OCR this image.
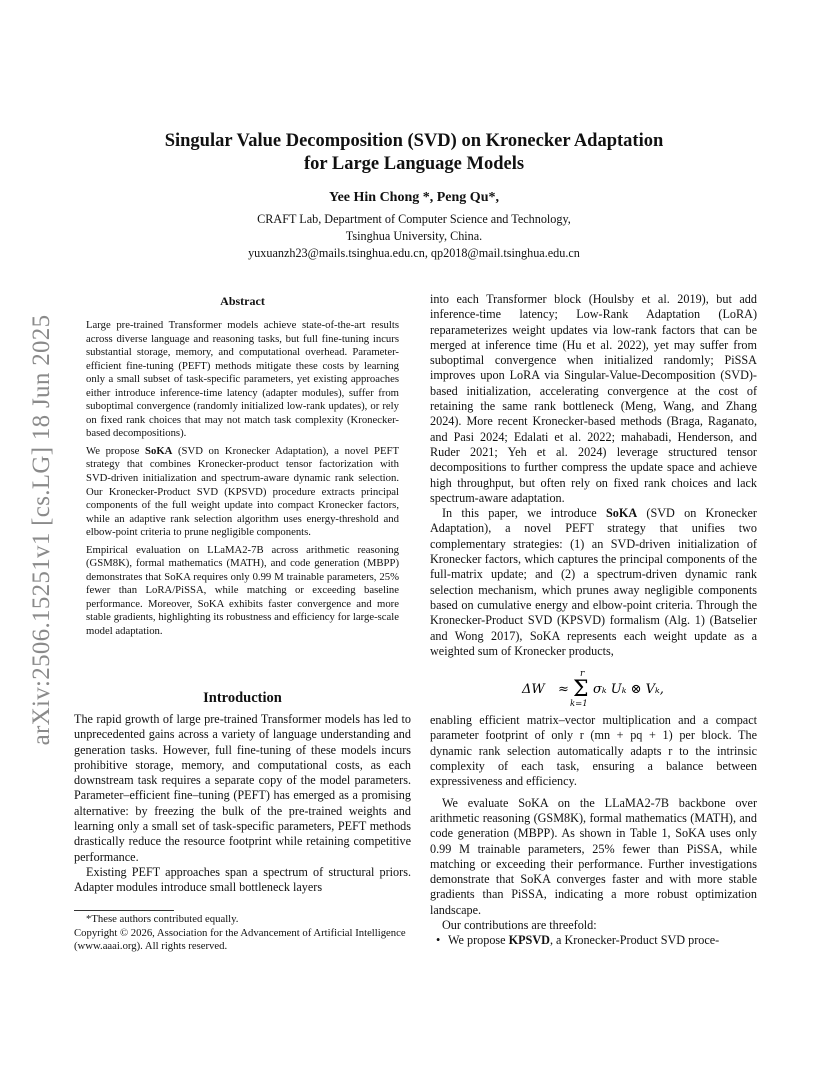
arXiv:2506.15251v1 [cs.LG] 18 Jun 2025
Singular Value Decomposition (SVD) on Kronecker Adaptation
for Large Language Models
Yee Hin Chong *, Peng Qu*,
CRAFT Lab, Department of Computer Science and Technology,
Tsinghua University, China.
yuxuanzh23@mails.tsinghua.edu.cn, qp2018@mail.tsinghua.edu.cn
Abstract

Large pre-trained Transformer models achieve state-of-the-art results across diverse language and reasoning tasks, but full fine-tuning incurs substantial storage, memory, and computational overhead. Parameter-efficient fine-tuning (PEFT) methods mitigate these costs by learning only a small subset of task-specific parameters, yet existing approaches either introduce inference-time latency (adapter modules), suffer from suboptimal convergence (randomly initialized low-rank updates), or rely on fixed rank choices that may not match task complexity (Kronecker-based decompositions).

We propose SoKA (SVD on Kronecker Adaptation), a novel PEFT strategy that combines Kronecker-product tensor factorization with SVD-driven initialization and spectrum-aware dynamic rank selection. Our Kronecker-Product SVD (KPSVD) procedure extracts principal components of the full weight update into compact Kronecker factors, while an adaptive rank selection algorithm uses energy-threshold and elbow-point criteria to prune negligible components.

Empirical evaluation on LLaMA2-7B across arithmetic reasoning (GSM8K), formal mathematics (MATH), and code generation (MBPP) demonstrates that SoKA requires only 0.99 M trainable parameters, 25% fewer than LoRA/PiSSA, while matching or exceeding baseline performance. Moreover, SoKA exhibits faster convergence and more stable gradients, highlighting its robustness and efficiency for large-scale model adaptation.

Introduction

The rapid growth of large pre-trained Transformer models has led to unprecedented gains across a variety of language understanding and generation tasks. However, full fine-tuning of these models incurs prohibitive storage, memory, and computational costs, as each downstream task requires a separate copy of the model parameters. Parameter–efficient fine–tuning (PEFT) has emerged as a promising alternative: by freezing the bulk of the pre-trained weights and learning only a small set of task-specific parameters, PEFT methods drastically reduce the resource footprint while retaining competitive performance.

Existing PEFT approaches span a spectrum of structural priors. Adapter modules introduce small bottleneck layers

*These authors contributed equally.

Copyright © 2026, Association for the Advancement of Artificial Intelligence (www.aaai.org). All rights reserved.

into each Transformer block (Houlsby et al. 2019), but add inference-time latency; Low-Rank Adaptation (LoRA) reparameterizes weight updates via low-rank factors that can be merged at inference time (Hu et al. 2022), yet may suffer from suboptimal convergence when initialized randomly; PiSSA improves upon LoRA via Singular-Value-Decomposition (SVD)-based initialization, accelerating convergence at the cost of retaining the same rank bottleneck (Meng, Wang, and Zhang 2024). More recent Kronecker-based methods (Braga, Raganato, and Pasi 2024; Edalati et al. 2022; mahabadi, Henderson, and Ruder 2021; Yeh et al. 2024) leverage structured tensor decompositions to further compress the update space and achieve high throughput, but often rely on fixed rank choices and lack spectrum-aware adaptation.

In this paper, we introduce SoKA (SVD on Kronecker Adaptation), a novel PEFT strategy that unifies two complementary strategies: (1) an SVD-driven initialization of Kronecker factors, which captures the principal components of the full-matrix update; and (2) a spectrum-driven dynamic rank selection mechanism, which prunes away negligible components based on cumulative energy and elbow-point criteria. Through the Kronecker-Product SVD (KPSVD) formalism (Alg. 1) (Batselier and Wong 2017), SoKA represents each weight update as a weighted sum of Kronecker products,

ΔW ≈
r
Σ
k=1
σₖ Uₖ ⊗ Vₖ,

enabling efficient matrix–vector multiplication and a compact parameter footprint of only r (mn + pq + 1) per block. The dynamic rank selection automatically adapts r to the intrinsic complexity of each task, ensuring a balance between expressiveness and efficiency.

We evaluate SoKA on the LLaMA2-7B backbone over arithmetic reasoning (GSM8K), formal mathematics (MATH), and code generation (MBPP). As shown in Table 1, SoKA uses only 0.99 M trainable parameters, 25% fewer than PiSSA, while matching or exceeding their performance. Further investigations demonstrate that SoKA converges faster and with more stable gradients than PiSSA, indicating a more robust optimization landscape.

Our contributions are threefold:

• We propose KPSVD, a Kronecker-Product SVD proce-
